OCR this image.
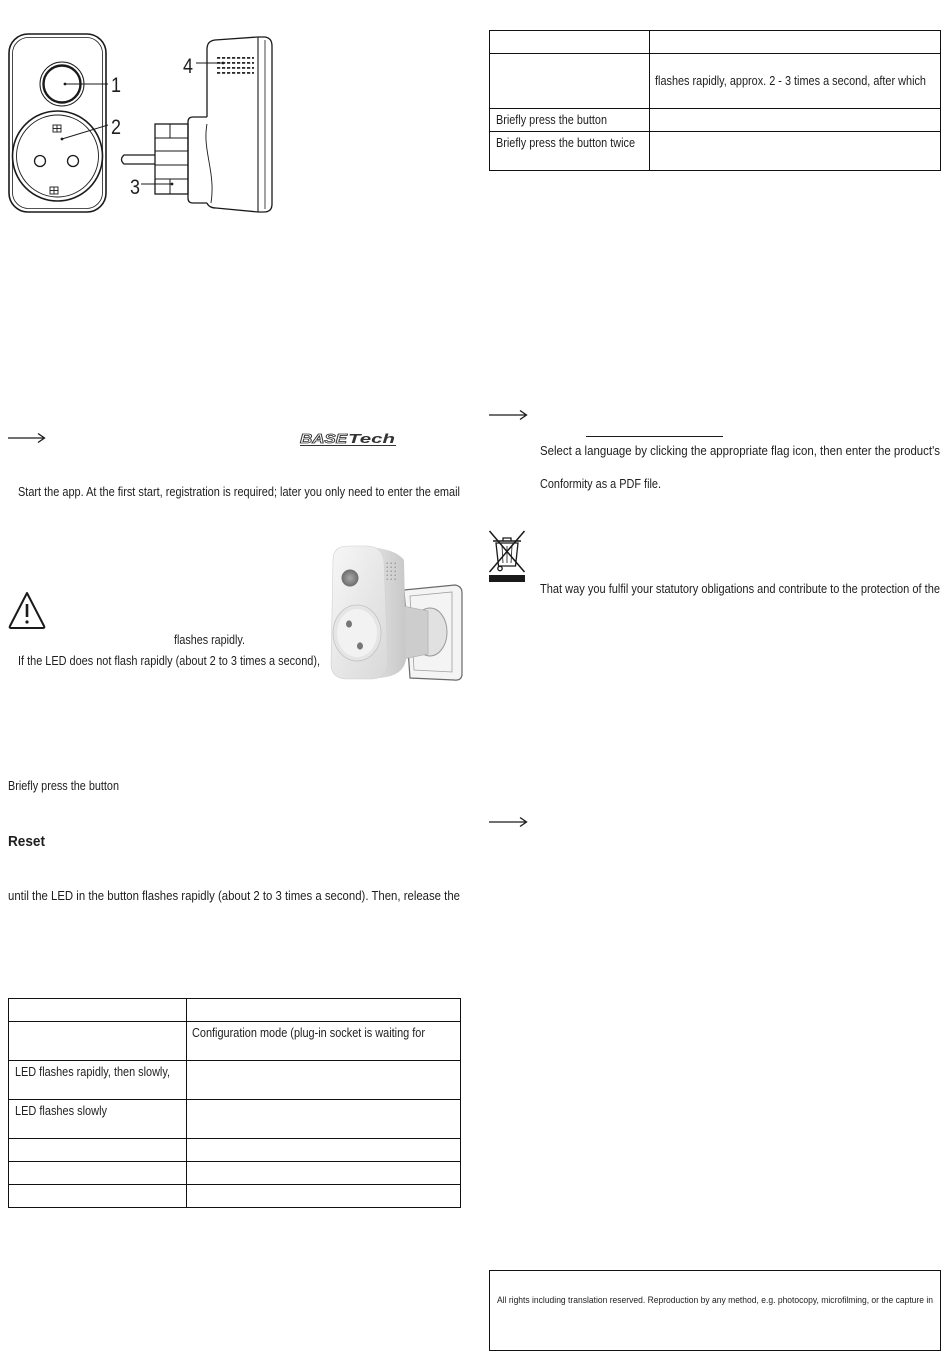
1
2
3
4
BASE Tech
Start the app. At the first start, registration is required; later you only need to enter the email
flashes rapidly.
If the LED does not flash rapidly (about 2 to 3 times a second),
Briefly press the button
Reset
until the LED in the button flashes rapidly (about 2 to 3 times a second). Then, release the
Configuration mode (plug-in socket is waiting for
LED flashes rapidly, then slowly,
LED flashes slowly
flashes rapidly, approx. 2 - 3 times a second, after which
Briefly press the button
Briefly press the button twice
Select a language by clicking the appropriate flag icon, then enter the product's
Conformity as a PDF file.
That way you fulfil your statutory obligations and contribute to the protection of the
All rights including translation reserved. Reproduction by any method, e.g. photocopy, microfilming, or the capture in
